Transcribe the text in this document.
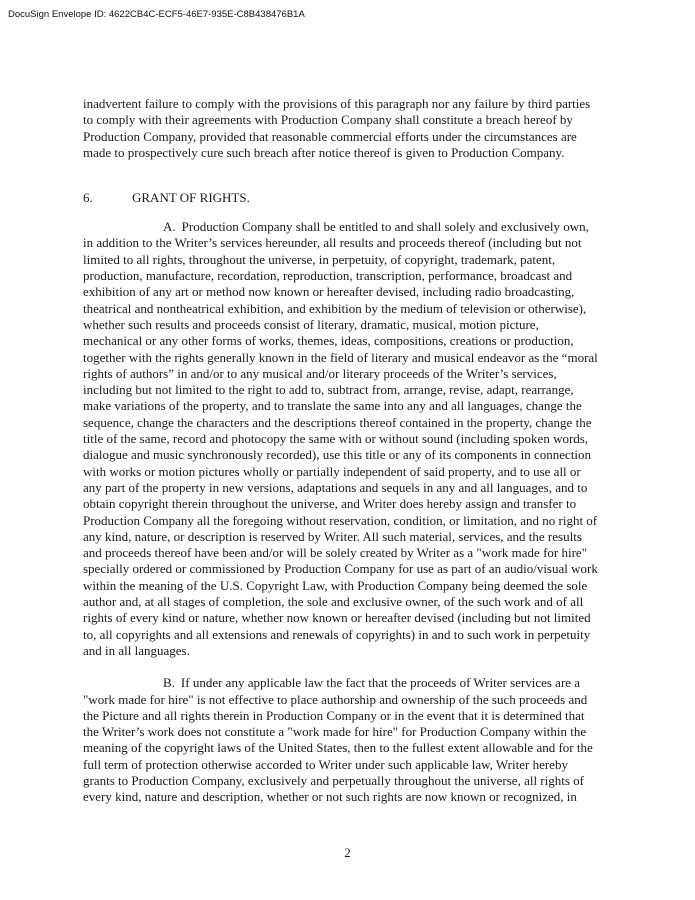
DocuSign Envelope ID: 4622CB4C-ECF5-46E7-935E-C8B438476B1A

inadvertent failure to comply with the provisions of this paragraph nor any failure by third parties to comply with their agreements with Production Company shall constitute a breach hereof by Production Company, provided that reasonable commercial efforts under the circumstances are made to prospectively cure such breach after notice thereof is given to Production Company.

6.	GRANT OF RIGHTS.

A. Production Company shall be entitled to and shall solely and exclusively own, in addition to the Writer’s services hereunder, all results and proceeds thereof (including but not limited to all rights, throughout the universe, in perpetuity, of copyright, trademark, patent, production, manufacture, recordation, reproduction, transcription, performance, broadcast and exhibition of any art or method now known or hereafter devised, including radio broadcasting, theatrical and nontheatrical exhibition, and exhibition by the medium of television or otherwise), whether such results and proceeds consist of literary, dramatic, musical, motion picture, mechanical or any other forms of works, themes, ideas, compositions, creations or production, together with the rights generally known in the field of literary and musical endeavor as the “moral rights of authors” in and/or to any musical and/or literary proceeds of the Writer’s services, including but not limited to the right to add to, subtract from, arrange, revise, adapt, rearrange, make variations of the property, and to translate the same into any and all languages, change the sequence, change the characters and the descriptions thereof contained in the property, change the title of the same, record and photocopy the same with or without sound (including spoken words, dialogue and music synchronously recorded), use this title or any of its components in connection with works or motion pictures wholly or partially independent of said property, and to use all or any part of the property in new versions, adaptations and sequels in any and all languages, and to obtain copyright therein throughout the universe, and Writer does hereby assign and transfer to Production Company all the foregoing without reservation, condition, or limitation, and no right of any kind, nature, or description is reserved by Writer. All such material, services, and the results and proceeds thereof have been and/or will be solely created by Writer as a "work made for hire" specially ordered or commissioned by Production Company for use as part of an audio/visual work within the meaning of the U.S. Copyright Law, with Production Company being deemed the sole author and, at all stages of completion, the sole and exclusive owner, of the such work and of all rights of every kind or nature, whether now known or hereafter devised (including but not limited to, all copyrights and all extensions and renewals of copyrights) in and to such work in perpetuity and in all languages.

B. If under any applicable law the fact that the proceeds of Writer services are a "work made for hire" is not effective to place authorship and ownership of the such proceeds and the Picture and all rights therein in Production Company or in the event that it is determined that the Writer’s work does not constitute a "work made for hire" for Production Company within the meaning of the copyright laws of the United States, then to the fullest extent allowable and for the full term of protection otherwise accorded to Writer under such applicable law, Writer hereby grants to Production Company, exclusively and perpetually throughout the universe, all rights of every kind, nature and description, whether or not such rights are now known or recognized, in

2
